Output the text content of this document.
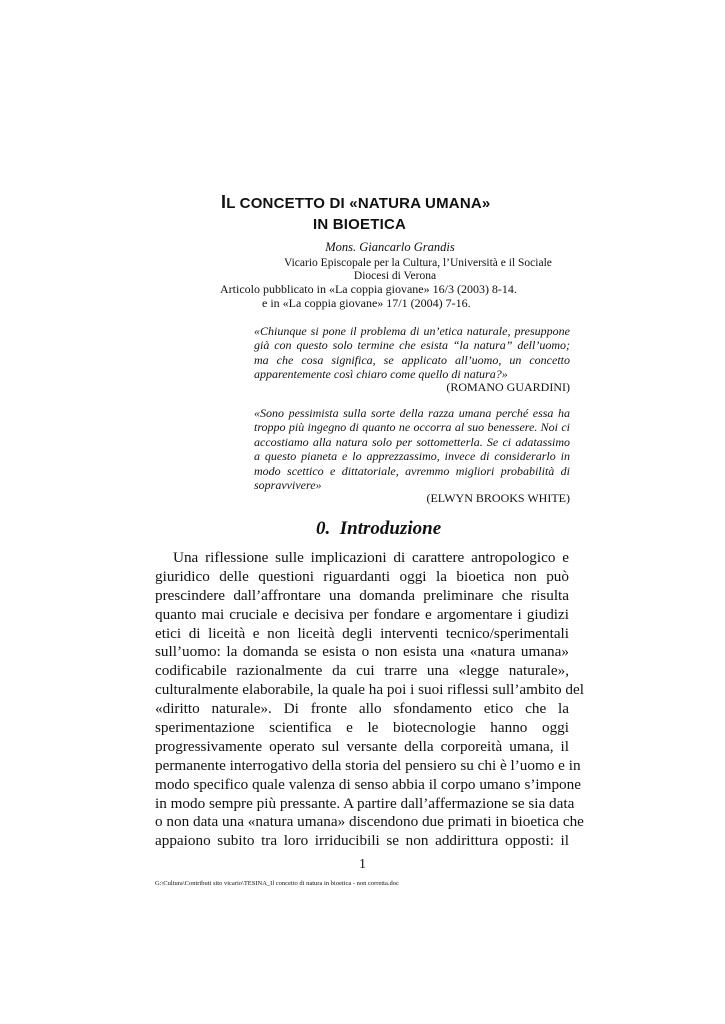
IL CONCETTO DI «NATURA UMANA»
IN BIOETICA
Mons. Giancarlo Grandis
Vicario Episcopale per la Cultura, l’Università e il Sociale
Diocesi di Verona
Articolo pubblicato in «La coppia giovane» 16/3 (2003) 8-14.
e in «La coppia giovane» 17/1 (2004) 7-16.
«Chiunque si pone il problema di un’etica naturale, presuppone
già con questo solo termine che esista “la natura” dell’uomo;
ma che cosa significa, se applicato all’uomo, un concetto
apparentemente così chiaro come quello di natura?»
(ROMANO GUARDINI)
«Sono pessimista sulla sorte della razza umana perché essa ha
troppo più ingegno di quanto ne occorra al suo benessere. Noi ci
accostiamo alla natura solo per sottometterla. Se ci adatassimo
a questo pianeta e lo apprezzassimo, invece di considerarlo in
modo scettico e dittatoriale, avremmo migliori probabilità di
sopravvivere»
(ELWYN BROOKS WHITE)
0.  Introduzione
Una riflessione sulle implicazioni di carattere antropologico e
giuridico delle questioni riguardanti oggi la bioetica non può
prescindere dall’affrontare una domanda preliminare che risulta
quanto mai cruciale e decisiva per fondare e argomentare i giudizi
etici di liceità e non liceità degli interventi tecnico/sperimentali
sull’uomo: la domanda se esista o non esista una «natura umana»
codificabile razionalmente da cui trarre una «legge naturale»,
culturalmente elaborabile, la quale ha poi i suoi riflessi sull’ambito del
«diritto naturale». Di fronte allo sfondamento etico che la
sperimentazione scientifica e le biotecnologie hanno oggi
progressivamente operato sul versante della corporeità umana, il
permanente interrogativo della storia del pensiero su chi è l’uomo e in
modo specifico quale valenza di senso abbia il corpo umano s’impone
in modo sempre più pressante. A partire dall’affermazione se sia data
o non data una «natura umana» discendono due primati in bioetica che
appaiono subito tra loro irriducibili se non addirittura opposti: il
1
G:\Cultura\Contributi sito vicario\TESINA_Il concetto di natura in bioetica - non corretta.doc
